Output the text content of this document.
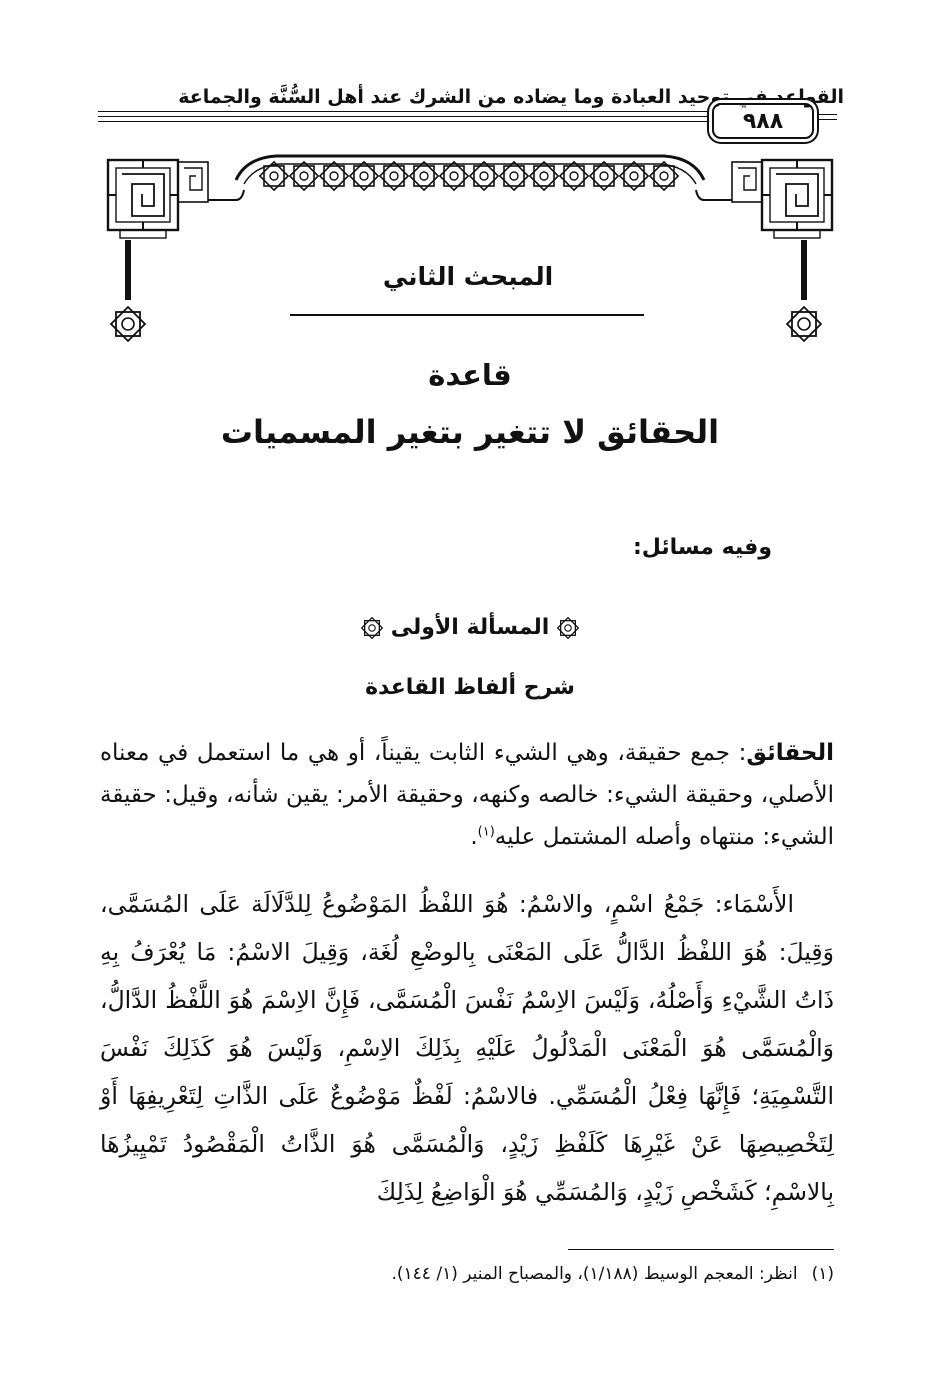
القواعد في توحيد العبادة وما يضاده من الشرك عند أهل السُّنَّة والجماعة
٩٨٨
المبحث الثاني
قاعدة
الحقائق لا تتغير بتغير المسميات
وفيه مسائل:
المسألة الأولى
شرح ألفاظ القاعدة
الحقائق: جمع حقيقة، وهي الشيء الثابت يقيناً، أو هي ما استعمل في معناه الأصلي، وحقيقة الشيء: خالصه وكنهه، وحقيقة الأمر: يقين شأنه، وقيل: حقيقة الشيء: منتهاه وأصله المشتمل عليه$^{(١)}$.
الأَسْمَاء: جَمْعُ اسْمٍ، والاسْمُ: هُوَ اللفْظُ المَوْضُوعُ لِلدَّلَالَة عَلَى المُسَمَّى، وَقِيلَ: هُوَ اللفْظُ الدَّالُّ عَلَى المَعْنَى بِالوضْعِ لُغَة، وَقِيلَ الاسْمُ: مَا يُعْرَفُ بِهِ ذَاتُ الشَّيْءِ وَأَصْلُهُ، وَلَيْسَ الاِسْمُ نَفْسَ الْمُسَمَّى، فَإِنَّ الاِسْمَ هُوَ اللَّفْظُ الدَّالُّ، وَالْمُسَمَّى هُوَ الْمَعْنَى الْمَدْلُولُ عَلَيْهِ بِذَلِكَ الاِسْمِ، وَلَيْسَ هُوَ كَذَلِكَ نَفْسَ التَّسْمِيَةِ؛ فَإِنَّهَا فِعْلُ الْمُسَمِّي. فالاسْمُ: لَفْظٌ مَوْضُوعٌ عَلَى الذَّاتِ لِتَعْرِيفِهَا أَوْ لِتَخْصِيصِهَا عَنْ غَيْرِهَا كَلَفْظِ زَيْدٍ، وَالْمُسَمَّى هُوَ الذَّاتُ الْمَقْصُودُ تَمْيِيزُهَا بِالاسْمِ؛ كَشَخْصِ زَيْدٍ، وَالمُسَمِّي هُوَ الْوَاضِعُ لِذَلِكَ
(١)انظر: المعجم الوسيط (١/١٨٨)، والمصباح المنير (١/ ١٤٤).
